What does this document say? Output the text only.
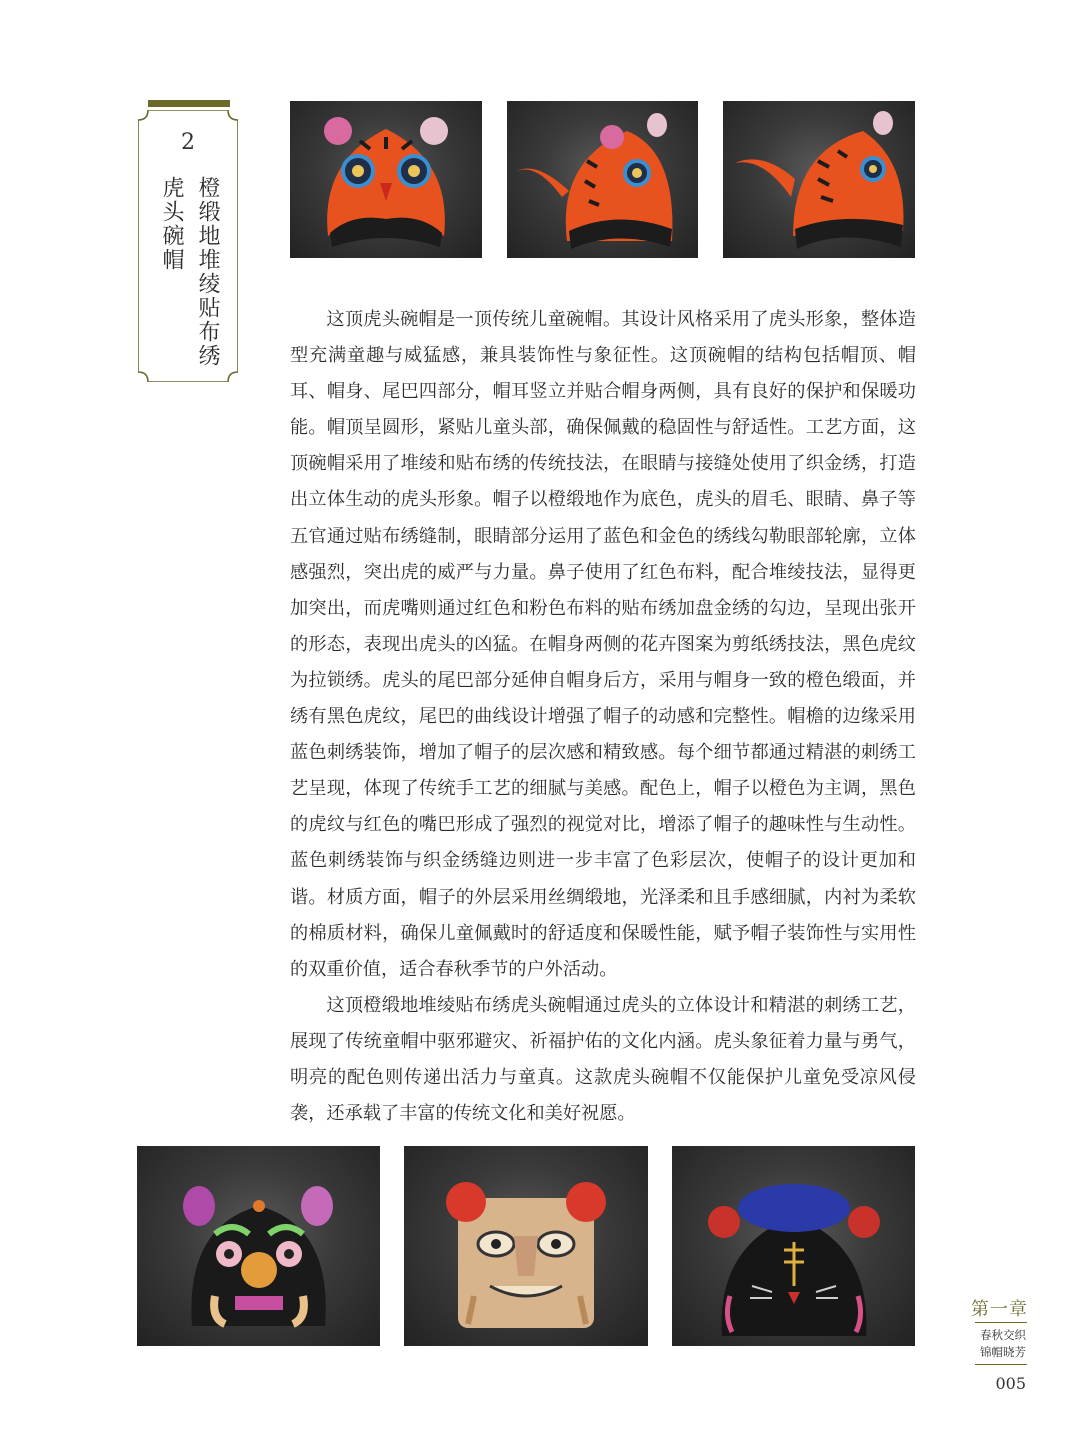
2
橙缎地堆绫贴布绣
虎头碗帽

这顶虎头碗帽是一顶传统儿童碗帽。其设计风格采用了虎头形象，整体造型充满童趣与威猛感，兼具装饰性与象征性。这顶碗帽的结构包括帽顶、帽耳、帽身、尾巴四部分，帽耳竖立并贴合帽身两侧，具有良好的保护和保暖功能。帽顶呈圆形，紧贴儿童头部，确保佩戴的稳固性与舒适性。工艺方面，这顶碗帽采用了堆绫和贴布绣的传统技法，在眼睛与接缝处使用了织金绣，打造出立体生动的虎头形象。帽子以橙缎地作为底色，虎头的眉毛、眼睛、鼻子等五官通过贴布绣缝制，眼睛部分运用了蓝色和金色的绣线勾勒眼部轮廓，立体感强烈，突出虎的威严与力量。鼻子使用了红色布料，配合堆绫技法，显得更加突出，而虎嘴则通过红色和粉色布料的贴布绣加盘金绣的勾边，呈现出张开的形态，表现出虎头的凶猛。在帽身两侧的花卉图案为剪纸绣技法，黑色虎纹为拉锁绣。虎头的尾巴部分延伸自帽身后方，采用与帽身一致的橙色缎面，并绣有黑色虎纹，尾巴的曲线设计增强了帽子的动感和完整性。帽檐的边缘采用蓝色刺绣装饰，增加了帽子的层次感和精致感。每个细节都通过精湛的刺绣工艺呈现，体现了传统手工艺的细腻与美感。配色上，帽子以橙色为主调，黑色的虎纹与红色的嘴巴形成了强烈的视觉对比，增添了帽子的趣味性与生动性。蓝色刺绣装饰与织金绣缝边则进一步丰富了色彩层次，使帽子的设计更加和谐。材质方面，帽子的外层采用丝绸缎地，光泽柔和且手感细腻，内衬为柔软的棉质材料，确保儿童佩戴时的舒适度和保暖性能，赋予帽子装饰性与实用性的双重价值，适合春秋季节的户外活动。

这顶橙缎地堆绫贴布绣虎头碗帽通过虎头的立体设计和精湛的刺绣工艺，展现了传统童帽中驱邪避灾、祈福护佑的文化内涵。虎头象征着力量与勇气，明亮的配色则传递出活力与童真。这款虎头碗帽不仅能保护儿童免受凉风侵袭，还承载了丰富的传统文化和美好祝愿。

第一章
春秋交织
锦帽晓芳
005
